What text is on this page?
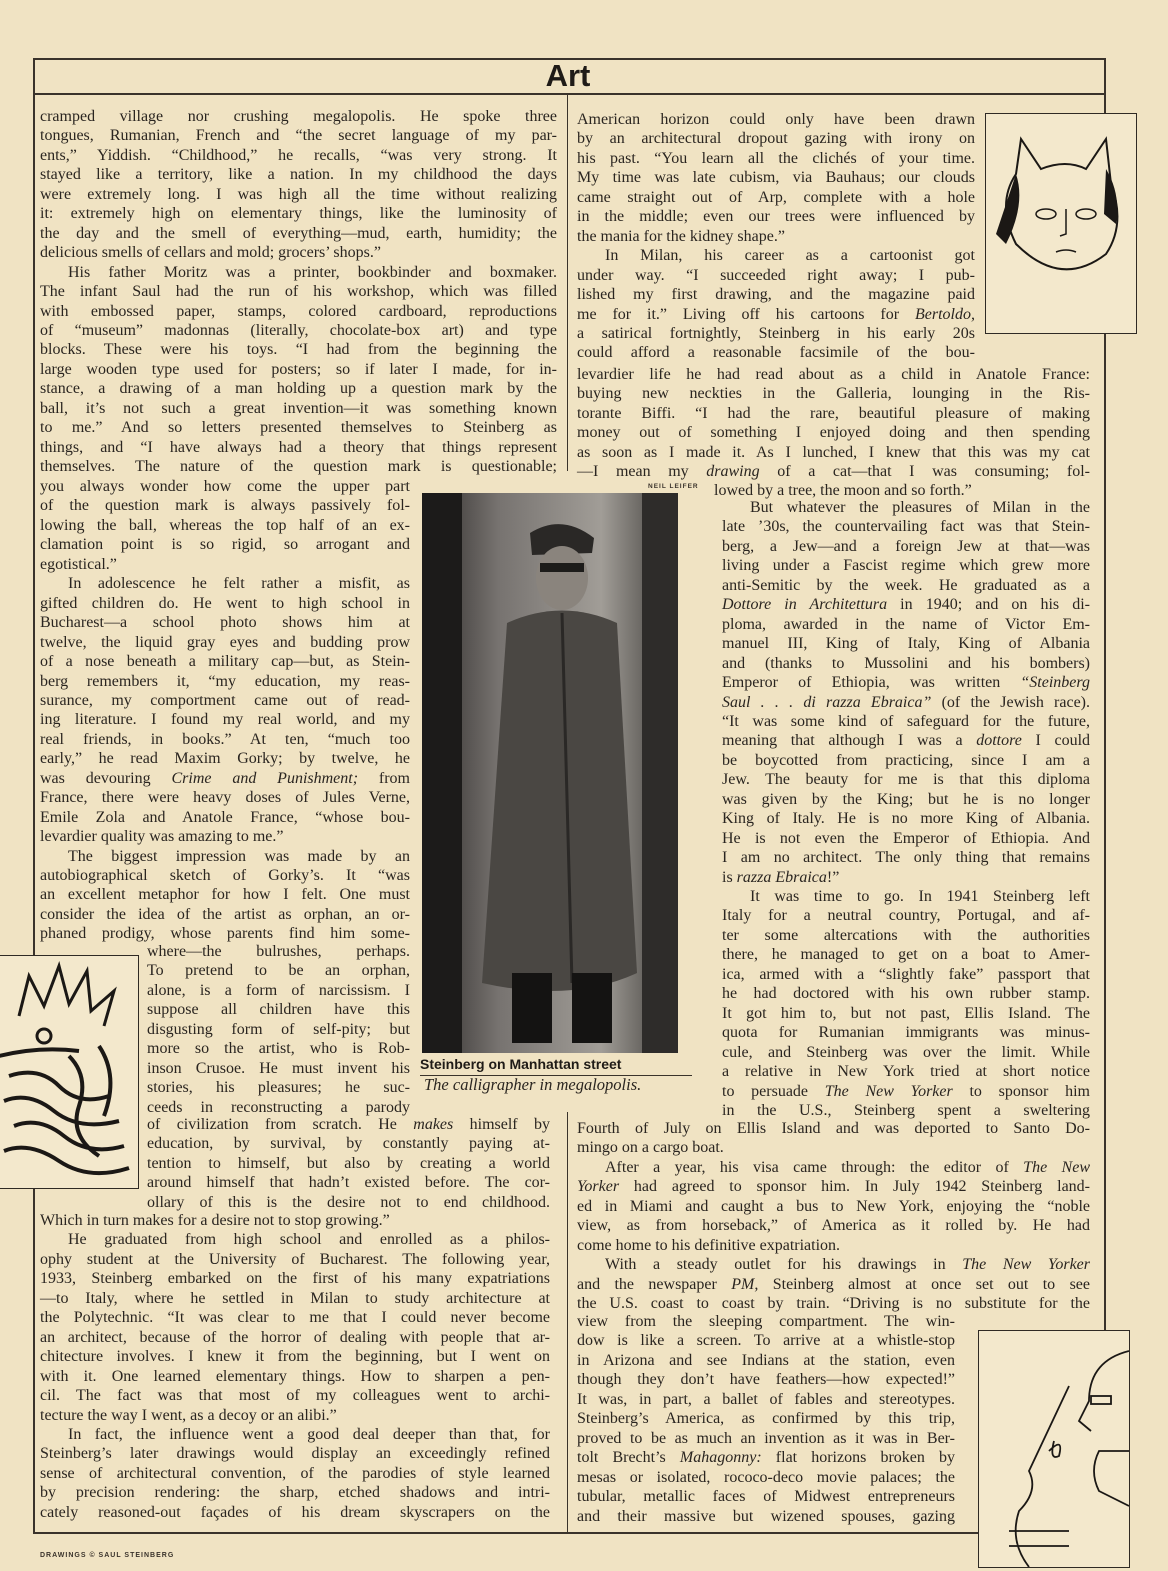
Art
cramped village nor crushing megalopolis. He spoke three
tongues, Rumanian, French and “the secret language of my par-
ents,” Yiddish. “Childhood,” he recalls, “was very strong. It
stayed like a territory, like a nation. In my childhood the days
were extremely long. I was high all the time without realizing
it: extremely high on elementary things, like the luminosity of
the day and the smell of everything—mud, earth, humidity; the
delicious smells of cellars and mold; grocers’ shops.”
His father Moritz was a printer, bookbinder and boxmaker.
The infant Saul had the run of his workshop, which was filled
with embossed paper, stamps, colored cardboard, reproductions
of “museum” madonnas (literally, chocolate-box art) and type
blocks. These were his toys. “I had from the beginning the
large wooden type used for posters; so if later I made, for in-
stance, a drawing of a man holding up a question mark by the
ball, it’s not such a great invention—it was something known
to me.” And so letters presented themselves to Steinberg as
things, and “I have always had a theory that things represent
themselves. The nature of the question mark is questionable;
you always wonder how come the upper part
of the question mark is always passively fol-
lowing the ball, whereas the top half of an ex-
clamation point is so rigid, so arrogant and
egotistical.”
In adolescence he felt rather a misfit, as
gifted children do. He went to high school in
Bucharest—a school photo shows him at
twelve, the liquid gray eyes and budding prow
of a nose beneath a military cap—but, as Stein-
berg remembers it, “my education, my reas-
surance, my comportment came out of read-
ing literature. I found my real world, and my
real friends, in books.” At ten, “much too
early,” he read Maxim Gorky; by twelve, he
was devouring Crime and Punishment; from
France, there were heavy doses of Jules Verne,
Emile Zola and Anatole France, “whose bou-
levardier quality was amazing to me.”
The biggest impression was made by an
autobiographical sketch of Gorky’s. It “was
an excellent metaphor for how I felt. One must
consider the idea of the artist as orphan, an or-
phaned prodigy, whose parents find him some-
where—the bulrushes, perhaps.
To pretend to be an orphan,
alone, is a form of narcissism. I
suppose all children have this
disgusting form of self-pity; but
more so the artist, who is Rob-
inson Crusoe. He must invent his
stories, his pleasures; he suc-
ceeds in reconstructing a parody
of civilization from scratch. He makes himself by
education, by survival, by constantly paying at-
tention to himself, but also by creating a world
around himself that hadn’t existed before. The cor-
ollary of this is the desire not to end childhood.
Which in turn makes for a desire not to stop growing.”
He graduated from high school and enrolled as a philos-
ophy student at the University of Bucharest. The following year,
1933, Steinberg embarked on the first of his many expatriations
—to Italy, where he settled in Milan to study architecture at
the Polytechnic. “It was clear to me that I could never become
an architect, because of the horror of dealing with people that ar-
chitecture involves. I knew it from the beginning, but I went on
with it. One learned elementary things. How to sharpen a pen-
cil. The fact was that most of my colleagues went to archi-
tecture the way I went, as a decoy or an alibi.”
In fact, the influence went a good deal deeper than that, for
Steinberg’s later drawings would display an exceedingly refined
sense of architectural convention, of the parodies of style learned
by precision rendering: the sharp, etched shadows and intri-
cately reasoned-out façades of his dream skyscrapers on the
American horizon could only have been drawn
by an architectural dropout gazing with irony on
his past. “You learn all the clichés of your time.
My time was late cubism, via Bauhaus; our clouds
came straight out of Arp, complete with a hole
in the middle; even our trees were influenced by
the mania for the kidney shape.”
In Milan, his career as a cartoonist got
under way. “I succeeded right away; I pub-
lished my first drawing, and the magazine paid
me for it.” Living off his cartoons for Bertoldo,
a satirical fortnightly, Steinberg in his early 20s
could afford a reasonable facsimile of the bou-
levardier life he had read about as a child in Anatole France:
buying new neckties in the Galleria, lounging in the Ris-
torante Biffi. “I had the rare, beautiful pleasure of making
money out of something I enjoyed doing and then spending
as soon as I made it. As I lunched, I knew that this was my cat
—I mean my drawing of a cat—that I was consuming; fol-
lowed by a tree, the moon and so forth.”
But whatever the pleasures of Milan in the
late ’30s, the countervailing fact was that Stein-
berg, a Jew—and a foreign Jew at that—was
living under a Fascist regime which grew more
anti-Semitic by the week. He graduated as a
Dottore in Architettura in 1940; and on his di-
ploma, awarded in the name of Victor Em-
manuel III, King of Italy, King of Albania
and (thanks to Mussolini and his bombers)
Emperor of Ethiopia, was written “Steinberg
Saul . . . di razza Ebraica” (of the Jewish race).
“It was some kind of safeguard for the future,
meaning that although I was a dottore I could
be boycotted from practicing, since I am a
Jew. The beauty for me is that this diploma
was given by the King; but he is no longer
King of Italy. He is no more King of Albania.
He is not even the Emperor of Ethiopia. And
I am no architect. The only thing that remains
is razza Ebraica!”
It was time to go. In 1941 Steinberg left
Italy for a neutral country, Portugal, and af-
ter some altercations with the authorities
there, he managed to get on a boat to Amer-
ica, armed with a “slightly fake” passport that
he had doctored with his own rubber stamp.
It got him to, but not past, Ellis Island. The
quota for Rumanian immigrants was minus-
cule, and Steinberg was over the limit. While
a relative in New York tried at short notice
to persuade The New Yorker to sponsor him
in the U.S., Steinberg spent a sweltering
Fourth of July on Ellis Island and was deported to Santo Do-
mingo on a cargo boat.
After a year, his visa came through: the editor of The New
Yorker had agreed to sponsor him. In July 1942 Steinberg land-
ed in Miami and caught a bus to New York, enjoying the “noble
view, as from horseback,” of America as it rolled by. He had
come home to his definitive expatriation.
With a steady outlet for his drawings in The New Yorker
and the newspaper PM, Steinberg almost at once set out to see
the U.S. coast to coast by train. “Driving is no substitute for the
view from the sleeping compartment. The win-
dow is like a screen. To arrive at a whistle-stop
in Arizona and see Indians at the station, even
though they don’t have feathers—how expected!”
It was, in part, a ballet of fables and stereotypes.
Steinberg’s America, as confirmed by this trip,
proved to be as much an invention as it was in Ber-
tolt Brecht’s Mahagonny: flat horizons broken by
mesas or isolated, rococo-deco movie palaces; the
tubular, metallic faces of Midwest entrepreneurs
and their massive but wizened spouses, gazing
NEIL LEIFER
Steinberg on Manhattan street
The calligrapher in megalopolis.
DRAWINGS © SAUL STEINBERG
